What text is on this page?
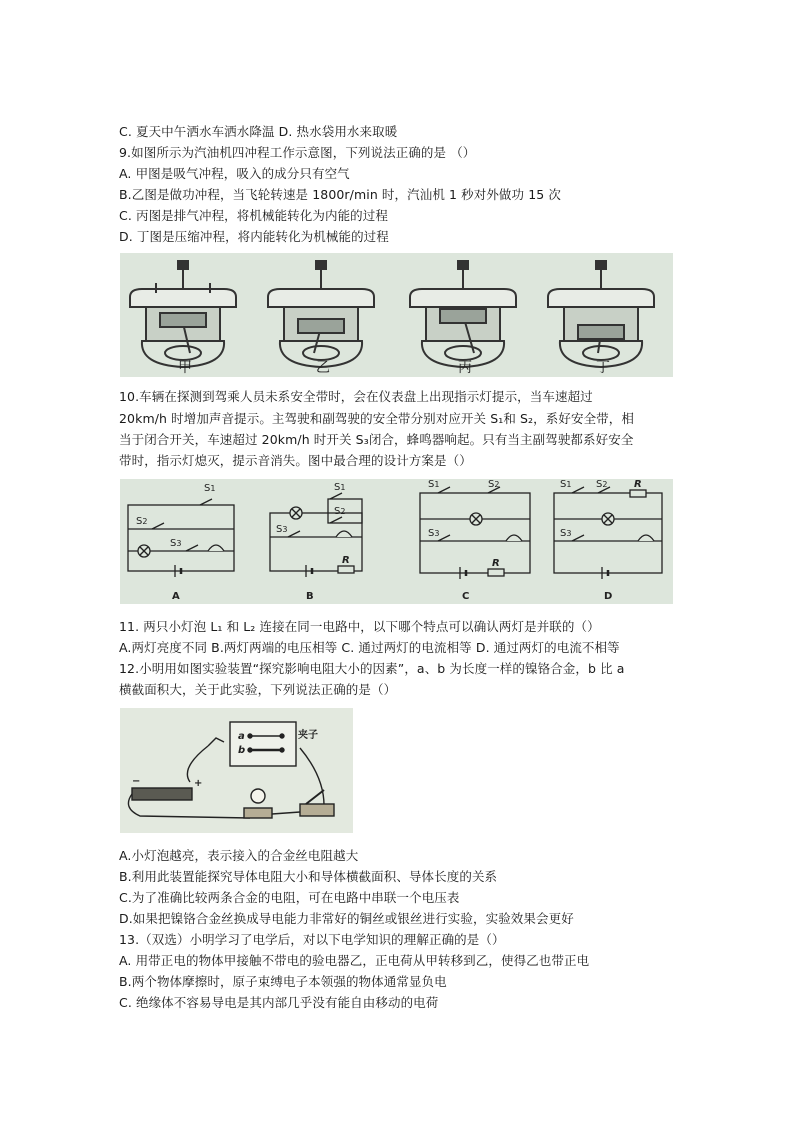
C. 夏天中午洒水车洒水降温 D. 热水袋用水来取暖
9.如图所示为汽油机四冲程工作示意图，下列说法正确的是 （）
A. 甲图是吸气冲程，吸入的成分只有空气
B.乙图是做功冲程，当飞轮转速是 1800r/min 时，汽汕机 1 秒对外做功 15 次
C. 丙图是排气冲程，将机械能转化为内能的过程
D. 丁图是压缩冲程，将内能转化为机械能的过程
甲	乙	丙	丁
10.车辆在探测到驾乘人员未系安全带时，会在仪表盘上出现指示灯提示，当车速超过
20km/h 时增加声音提示。主驾驶和副驾驶的安全带分别对应开关 S₁和 S₂，系好安全带，相
当于闭合开关，车速超过 20km/h 时开关 S₃闭合，蜂鸣器响起。只有当主副驾驶都系好安全
带时，指示灯熄灭，提示音消失。图中最合理的设计方案是（）
S1
S2
S3
S1
S2
S3
S1	S2
S3
S1 S2
S3
R	R
R
A	B	C	D
11. 两只小灯泡 L₁ 和 L₂ 连接在同一电路中，以下哪个特点可以确认两灯是并联的（）
A.两灯亮度不同 B.两灯两端的电压相等 C. 通过两灯的电流相等 D. 通过两灯的电流不相等
12.小明用如图实验装置“探究影响电阻大小的因素”，a、b 为长度一样的镍铬合金，b 比 a
横截面积大，关于此实验，下列说法正确的是（）
a
b
夹子
−	+
A.小灯泡越亮，表示接入的合金丝电阻越大
B.利用此装置能探究导体电阻大小和导体横截面积、导体长度的关系
C.为了准确比较两条合金的电阻，可在电路中串联一个电压表
D.如果把镍铬合金丝换成导电能力非常好的铜丝或银丝进行实验，实验效果会更好
13.（双选）小明学习了电学后，对以下电学知识的理解正确的是（）
A. 用带正电的物体甲接触不带电的验电器乙，正电荷从甲转移到乙，使得乙也带正电
B.两个物体摩擦时，原子束缚电子本领强的物体通常显负电
C. 绝缘体不容易导电是其内部几乎没有能自由移动的电荷
